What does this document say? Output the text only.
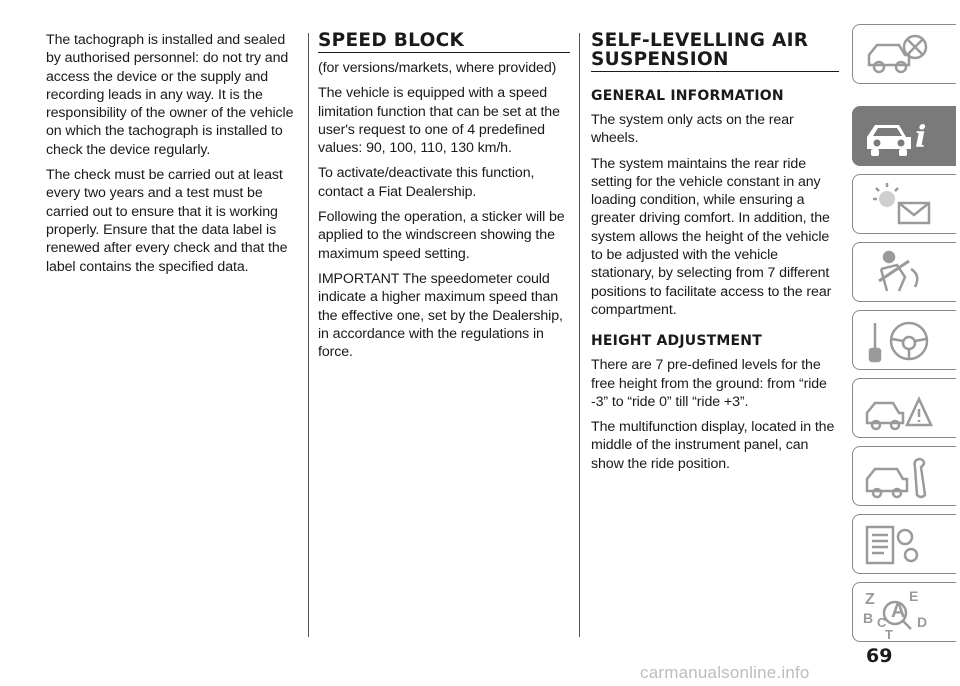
The tachograph is installed and sealed by authorised personnel: do not try and access the device or the supply and recording leads in any way. It is the responsibility of the owner of the vehicle on which the tachograph is installed to check the device regularly.

The check must be carried out at least every two years and a test must be carried out to ensure that it is working properly. Ensure that the data label is renewed after every check and that the label contains the specified data.

SPEED BLOCK

(for versions/markets, where provided)

The vehicle is equipped with a speed limitation function that can be set at the user's request to one of 4 predefined values: 90, 100, 110, 130 km/h.

To activate/deactivate this function, contact a Fiat Dealership.

Following the operation, a sticker will be applied to the windscreen showing the maximum speed setting.

IMPORTANT The speedometer could indicate a higher maximum speed than the effective one, set by the Dealership, in accordance with the regulations in force.

SELF-LEVELLING AIR SUSPENSION
GENERAL INFORMATION

The system only acts on the rear wheels.

The system maintains the rear ride setting for the vehicle constant in any loading condition, while ensuring a greater driving comfort. In addition, the system allows the height of the vehicle to be adjusted with the vehicle stationary, by selecting from 7 different positions to facilitate access to the rear compartment.

HEIGHT ADJUSTMENT

There are 7 pre-defined levels for the free height from the ground: from “ride -3” to “ride 0” till “ride +3”.

The multifunction display, located in the middle of the instrument panel, can show the ride position.

i
Z E
A
B C
T
D
69
carmanualsonline.info
